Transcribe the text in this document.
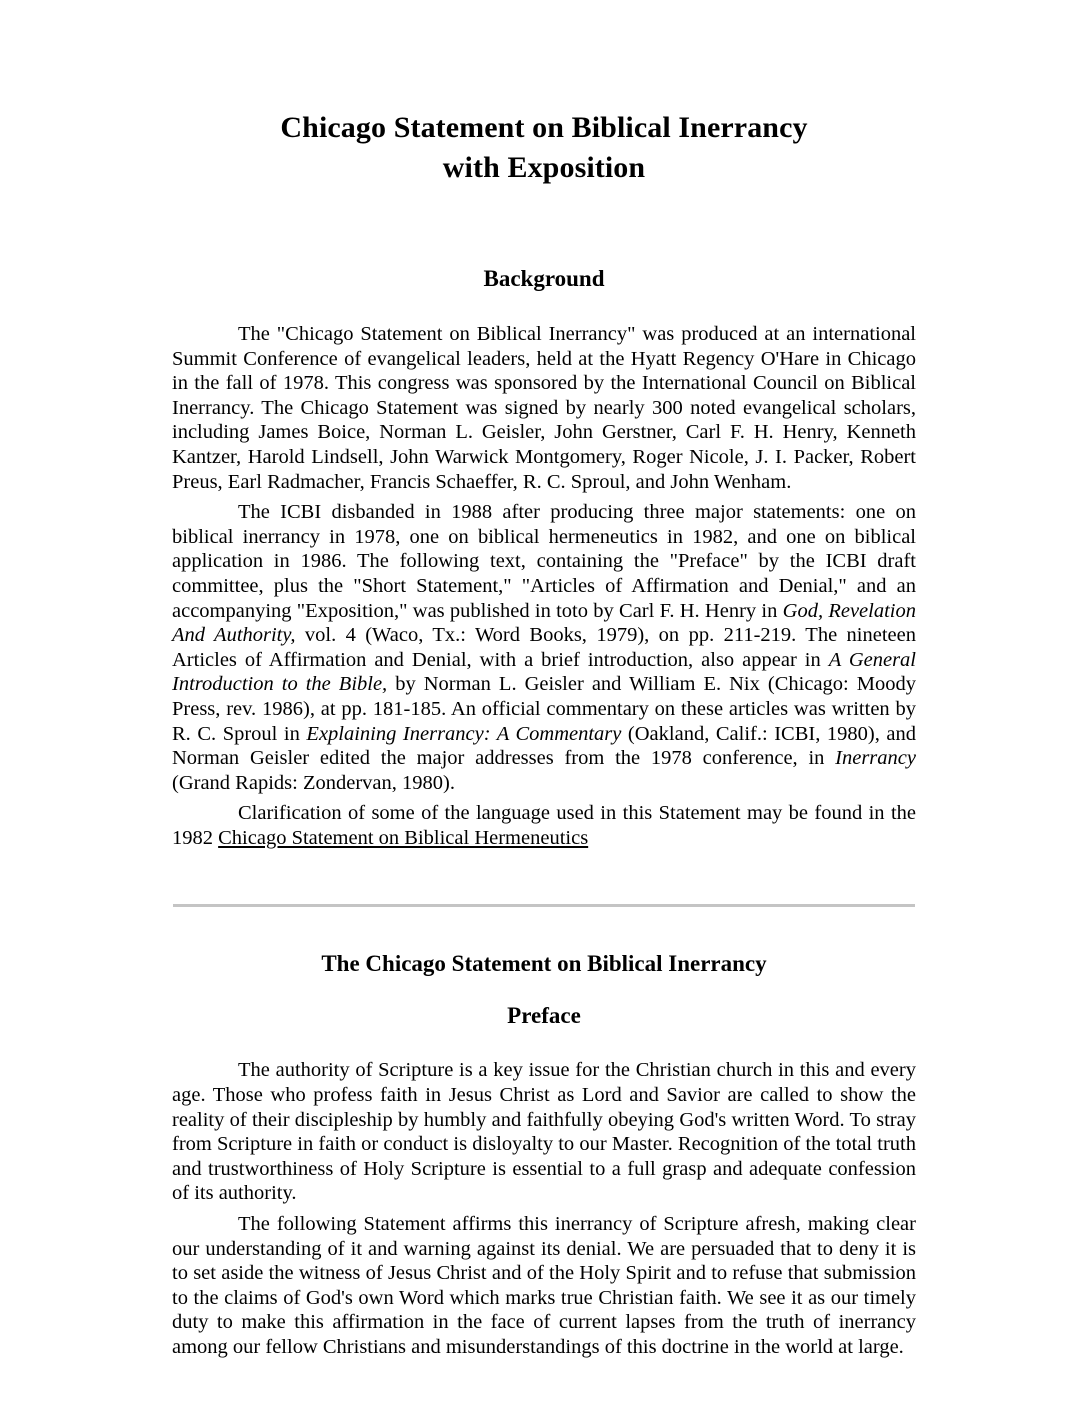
Chicago Statement on Biblical Inerrancy
with Exposition
Background

The "Chicago Statement on Biblical Inerrancy" was produced at an international Summit Conference of evangelical leaders, held at the Hyatt Regency O'Hare in Chicago in the fall of 1978. This congress was sponsored by the International Council on Biblical Inerrancy. The Chicago Statement was signed by nearly 300 noted evangelical scholars, including James Boice, Norman L. Geisler, John Gerstner, Carl F. H. Henry, Kenneth Kantzer, Harold Lindsell, John Warwick Montgomery, Roger Nicole, J. I. Packer, Robert Preus, Earl Radmacher, Francis Schaeffer, R. C. Sproul, and John Wenham.

The ICBI disbanded in 1988 after producing three major statements: one on biblical inerrancy in 1978, one on biblical hermeneutics in 1982, and one on biblical application in 1986. The following text, containing the "Preface" by the ICBI draft committee, plus the "Short Statement," "Articles of Affirmation and Denial," and an accompanying "Exposition," was published in toto by Carl F. H. Henry in God, Revelation And Authority, vol. 4 (Waco, Tx.: Word Books, 1979), on pp. 211-219. The nineteen Articles of Affirmation and Denial, with a brief introduction, also appear in A General Introduction to the Bible, by Norman L. Geisler and William E. Nix (Chicago: Moody Press, rev. 1986), at pp. 181-185. An official commentary on these articles was written by R. C. Sproul in Explaining Inerrancy: A Commentary (Oakland, Calif.: ICBI, 1980), and Norman Geisler edited the major addresses from the 1978 conference, in Inerrancy (Grand Rapids: Zondervan, 1980).

Clarification of some of the language used in this Statement may be found in the 1982 Chicago Statement on Biblical Hermeneutics

The Chicago Statement on Biblical Inerrancy
Preface

The authority of Scripture is a key issue for the Christian church in this and every age. Those who profess faith in Jesus Christ as Lord and Savior are called to show the reality of their discipleship by humbly and faithfully obeying God's written Word. To stray from Scripture in faith or conduct is disloyalty to our Master. Recognition of the total truth and trustworthiness of Holy Scripture is essential to a full grasp and adequate confession of its authority.

The following Statement affirms this inerrancy of Scripture afresh, making clear our understanding of it and warning against its denial. We are persuaded that to deny it is to set aside the witness of Jesus Christ and of the Holy Spirit and to refuse that submission to the claims of God's own Word which marks true Christian faith. We see it as our timely duty to make this affirmation in the face of current lapses from the truth of inerrancy among our fellow Christians and misunderstandings of this doctrine in the world at large.
